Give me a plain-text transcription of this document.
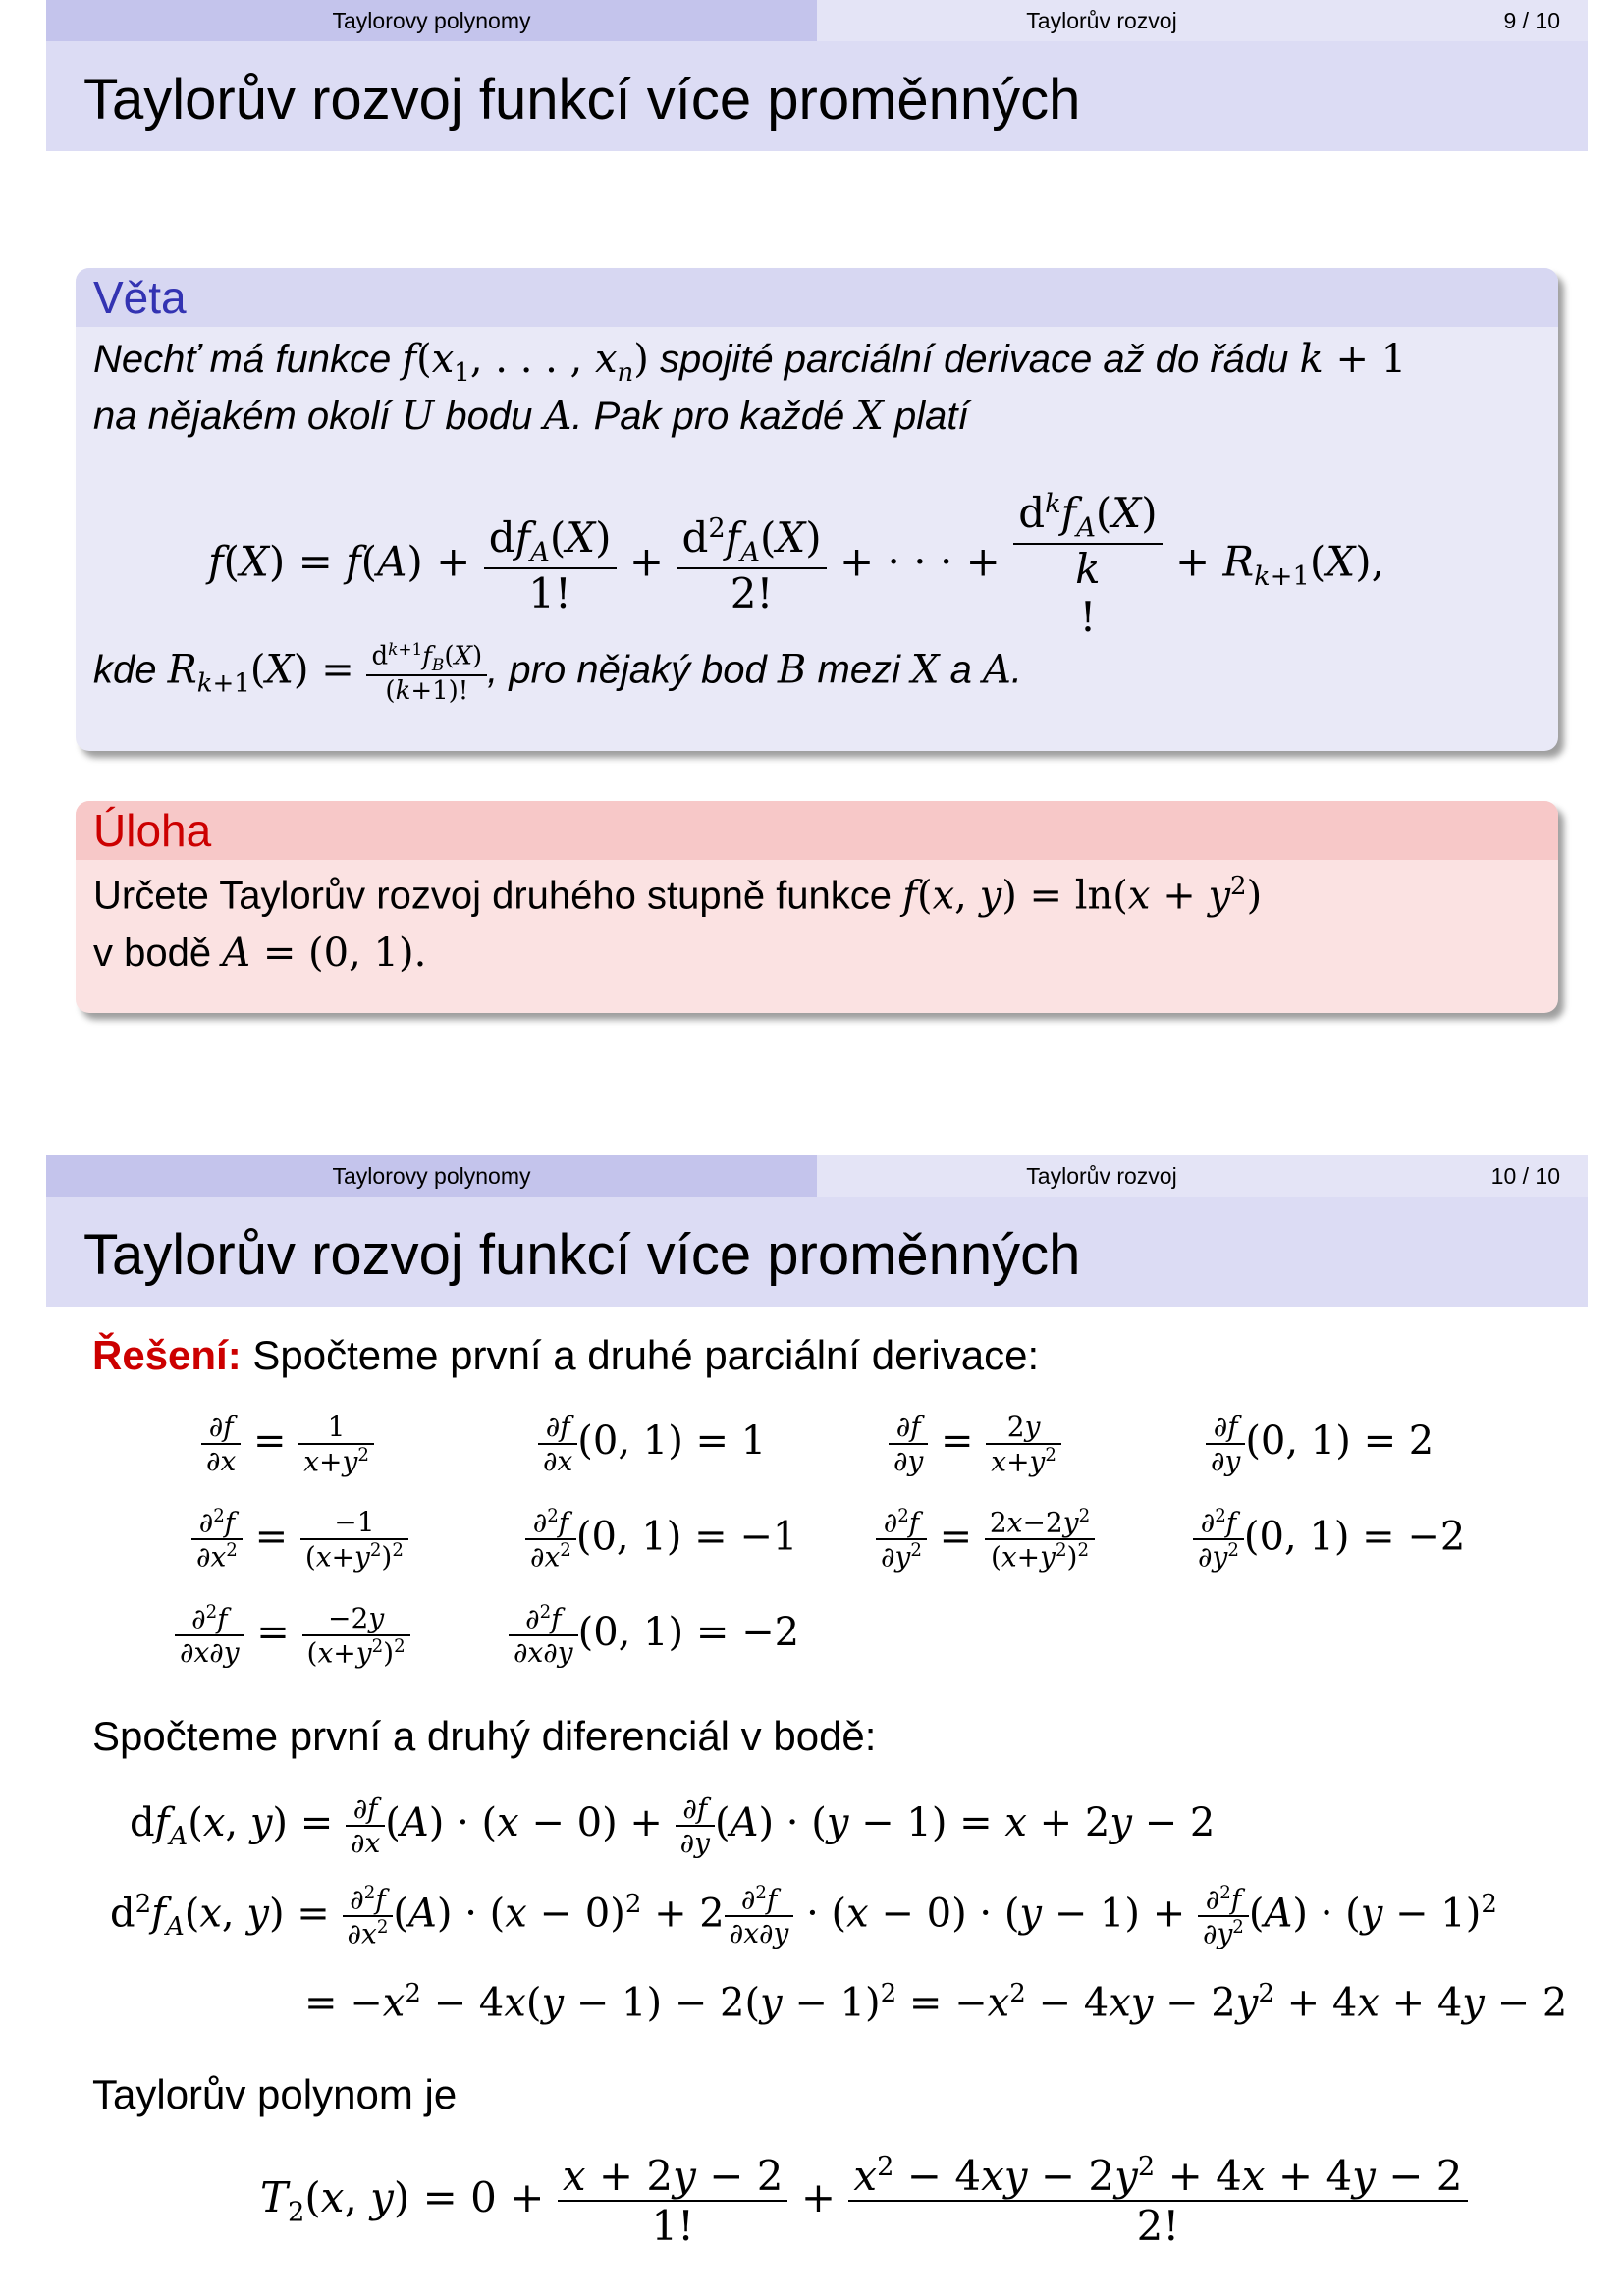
Taylorovy polynomy	Taylorův rozvoj	9 / 10
Taylorův rozvoj funkcí více proměnných
Věta
Nechť má funkce $f(x_1$, . . . , $x_n$) spojité parciální derivace až do řádu k + 1
na nějakém okolí U bodu A. Pak pro každé X platí
$f(X) = f(A) + \frac{df_A(X)}{1!} + \frac{d^2f_A(X)}{2!}$ + · · · +
$d^kf_A(X)$
k
! + $R_{k+1}(X)$,
kde $R_{k+1}(X) = \frac{d^{k+1}f_B(X)}{(k+1)!}$ , pro nějaký bod B mezi X a A.
Úloha
Určete Taylorův rozvoj druhého stupně funkce f(x, $y) = \ln(x + y^2)$
v bodě A = (0, 1).
Taylorovy polynomy	Taylorův rozvoj	10 / 10
Taylorův rozvoj funkcí více proměnných
Řešení: Spočteme první a druhé parciální derivace:
$\frac{\partial f}{\partial x} = \frac{1}{x+y^2}$	$\frac{\partial f}{\partial x} (0$, 1) = 1	$\frac{\partial f}{\partial y} = \frac{2y}{x+y^2}$	$\frac{\partial f}{\partial y} (0$, 1) = 2
$\frac{\partial^2f}{\partial x^2} = \frac{-1}{(x+y^2)^2}$	$\frac{\partial^2f}{\partial x^2} (0$, 1) = −1	$\frac{\partial^2f}{\partial y^2} = \frac{2x-2y^2}{(x+y^2)^2}$	$\frac{\partial^2f}{\partial y^2} (0$, 1) = −2
$\frac{\partial^2f}{\partial x\partial y} = \frac{-2y}{(x+y^2)^2}$	$\frac{\partial^2f}{\partial x\partial y} (0$, 1) = −2
Spočteme první a druhý diferenciál v bodě:
$df_A(x$, $y) = \frac{\partial f}{\partial x} (A) \cdot (x - 0) + \frac{\partial f}{\partial y} (A) \cdot (y - 1) = x + 2y - 2$
$d^2f_A(x$, $y) = \frac{\partial^2f}{\partial x^2} (A) \cdot (x - 0)^2 + 2 \frac{\partial^2f}{\partial x\partial y} \cdot (x - 0) \cdot (y - 1) + \frac{\partial^2f}{\partial y^2} (A) \cdot (y - 1)^2$
= $-x^2 - 4x(y - 1) - 2(y - 1)^2 = -x^2 - 4xy - 2y^2 + 4x + 4y - 2$
Taylorův polynom je
$T_2(x$, $y) = 0 + \frac{x + 2y - 2}{1!} + \frac{x^2 - 4xy - 2y^2 + 4x + 4y - 2}{2!}$
